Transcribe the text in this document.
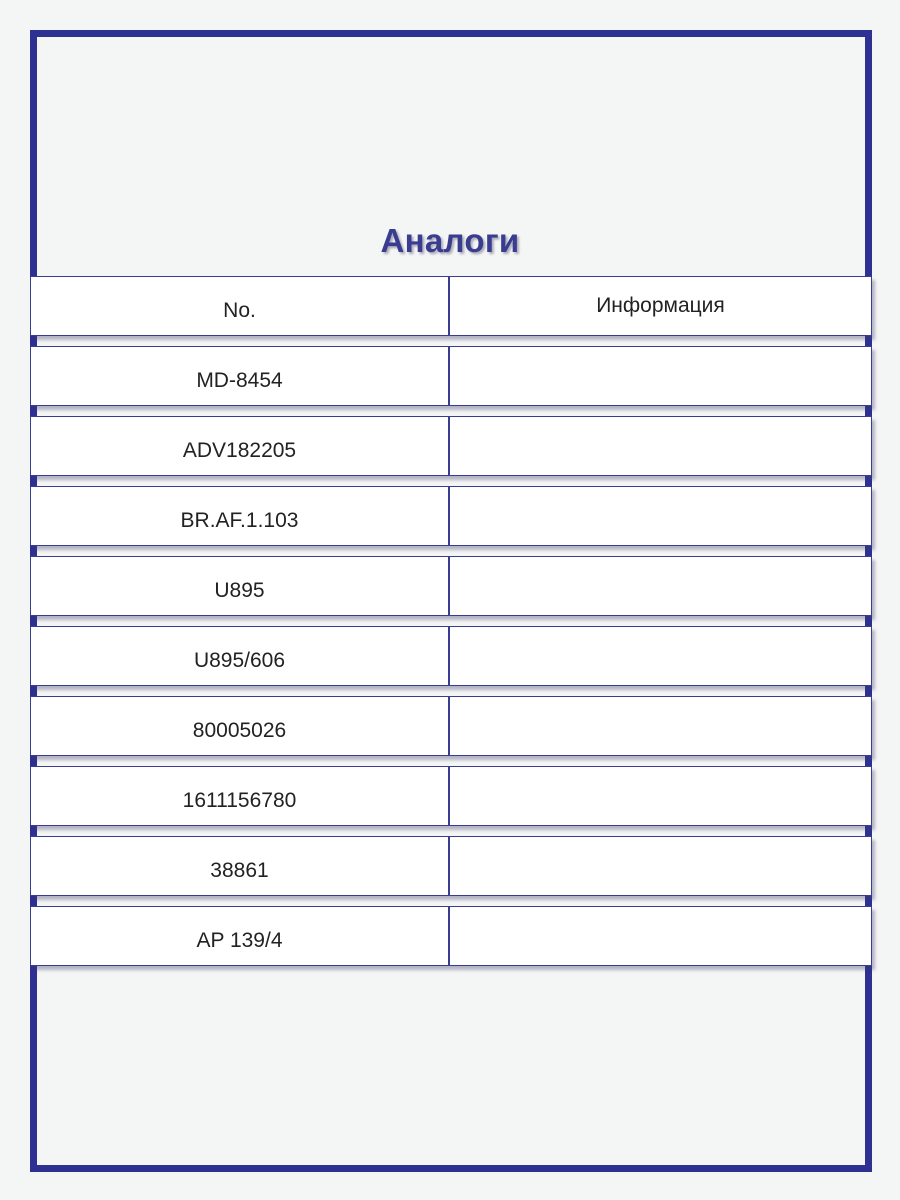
Аналоги
No.	Информация
MD-8454
ADV182205
BR.AF.1.103
U895
U895/606
80005026
1611156780
38861
AP 139/4
